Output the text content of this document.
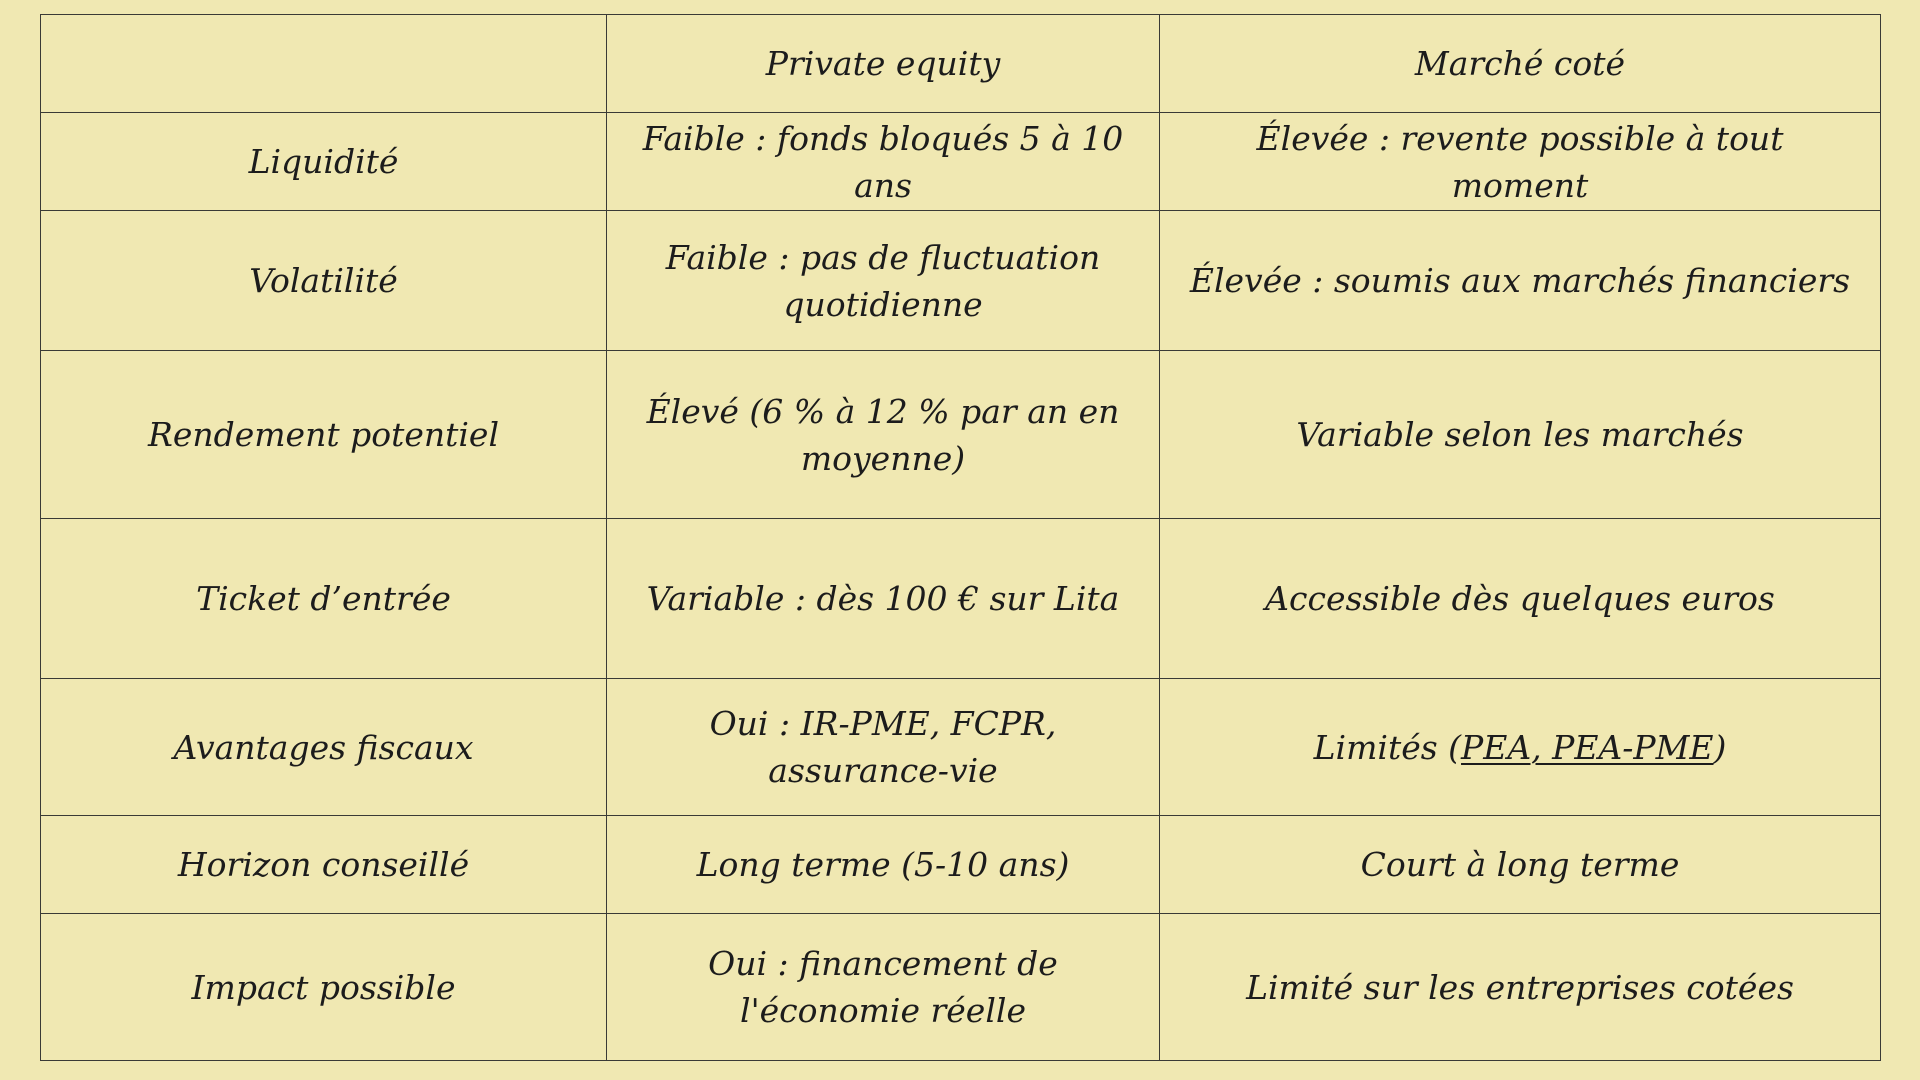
	Private equity	Marché coté
Liquidité	Faible : fonds bloqués 5 à 10 ans	Élevée : revente possible à tout moment
Volatilité	Faible : pas de fluctuation quotidienne	Élevée : soumis aux marchés financiers
Rendement potentiel	Élevé (6 % à 12 % par an en moyenne)	Variable selon les marchés
Ticket d’entrée	Variable : dès 100 € sur Lita	Accessible dès quelques euros
Avantages fiscaux	Oui : IR-PME, FCPR, assurance-vie	Limités (PEA, PEA-PME)
Horizon conseillé	Long terme (5-10 ans)	Court à long terme
Impact possible	Oui : financement de l'économie réelle	Limité sur les entreprises cotées
